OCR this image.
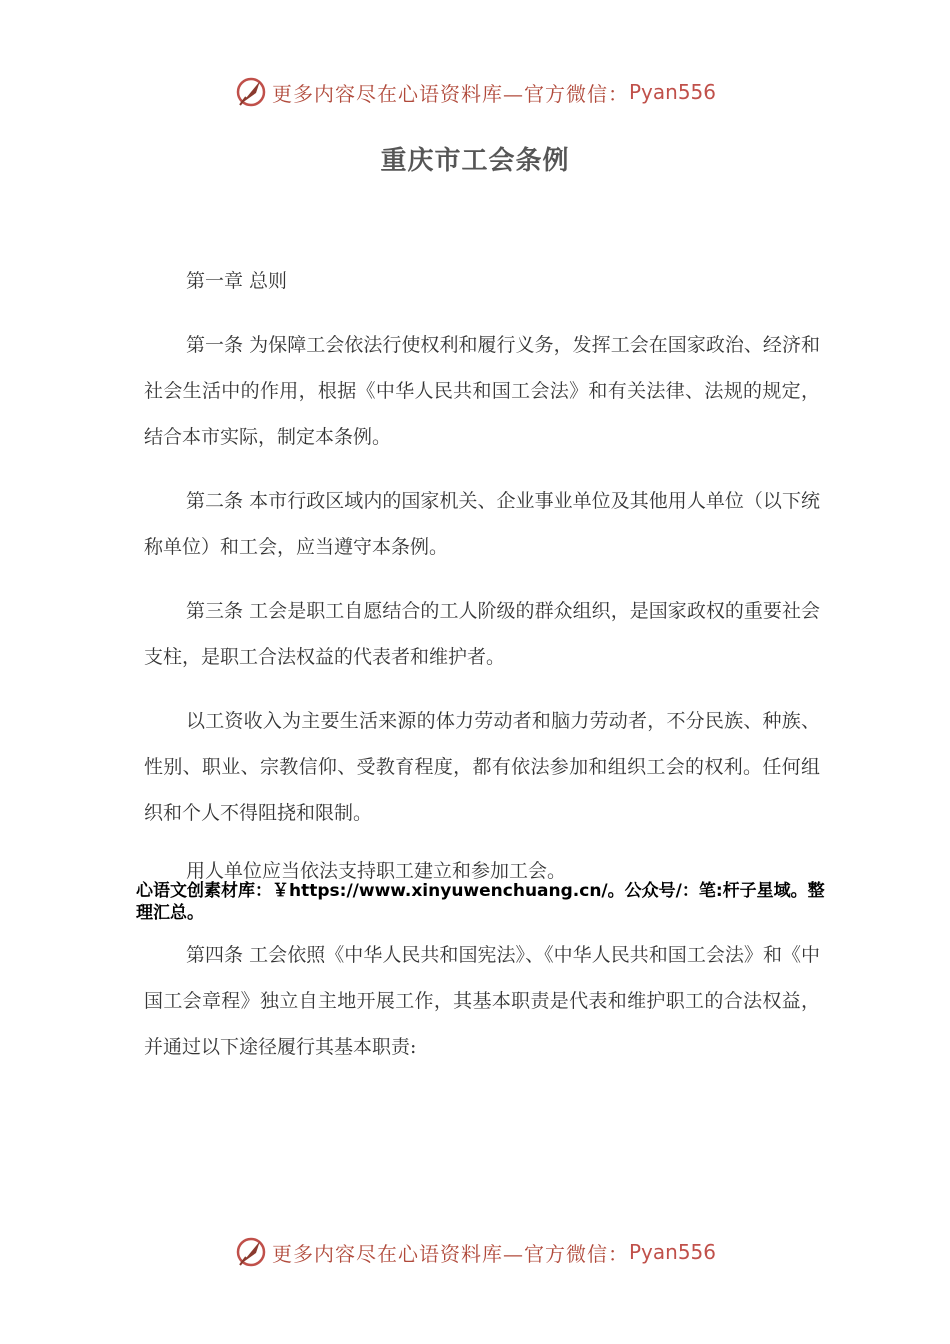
更多内容尽在心语资料库—官方微信： Pyan556
重庆市工会条例

第一章 总则

第一条 为保障工会依法行使权利和履行义务，发挥工会在国家政治、经济和社会生活中的作用，根据《中华人民共和国工会法》和有关法律、法规的规定，结合本市实际，制定本条例。

第二条 本市行政区域内的国家机关、企业事业单位及其他用人单位（以下统称单位）和工会，应当遵守本条例。

第三条 工会是职工自愿结合的工人阶级的群众组织，是国家政权的重要社会支柱，是职工合法权益的代表者和维护者。

以工资收入为主要生活来源的体力劳动者和脑力劳动者，不分民族、种族、性别、职业、宗教信仰、受教育程度，都有依法参加和组织工会的权利。任何组织和个人不得阻挠和限制。

用人单位应当依法支持职工建立和参加工会。

心语文创素材库：￥https://www.xinyuwenchuang.cn/。公众号/：笔:杆子星域。整理汇总。

第四条 工会依照《中华人民共和国宪法》、《中华人民共和国工会法》和《中国工会章程》独立自主地开展工作，其基本职责是代表和维护职工的合法权益，并通过以下途径履行其基本职责:

更多内容尽在心语资料库—官方微信： Pyan556
